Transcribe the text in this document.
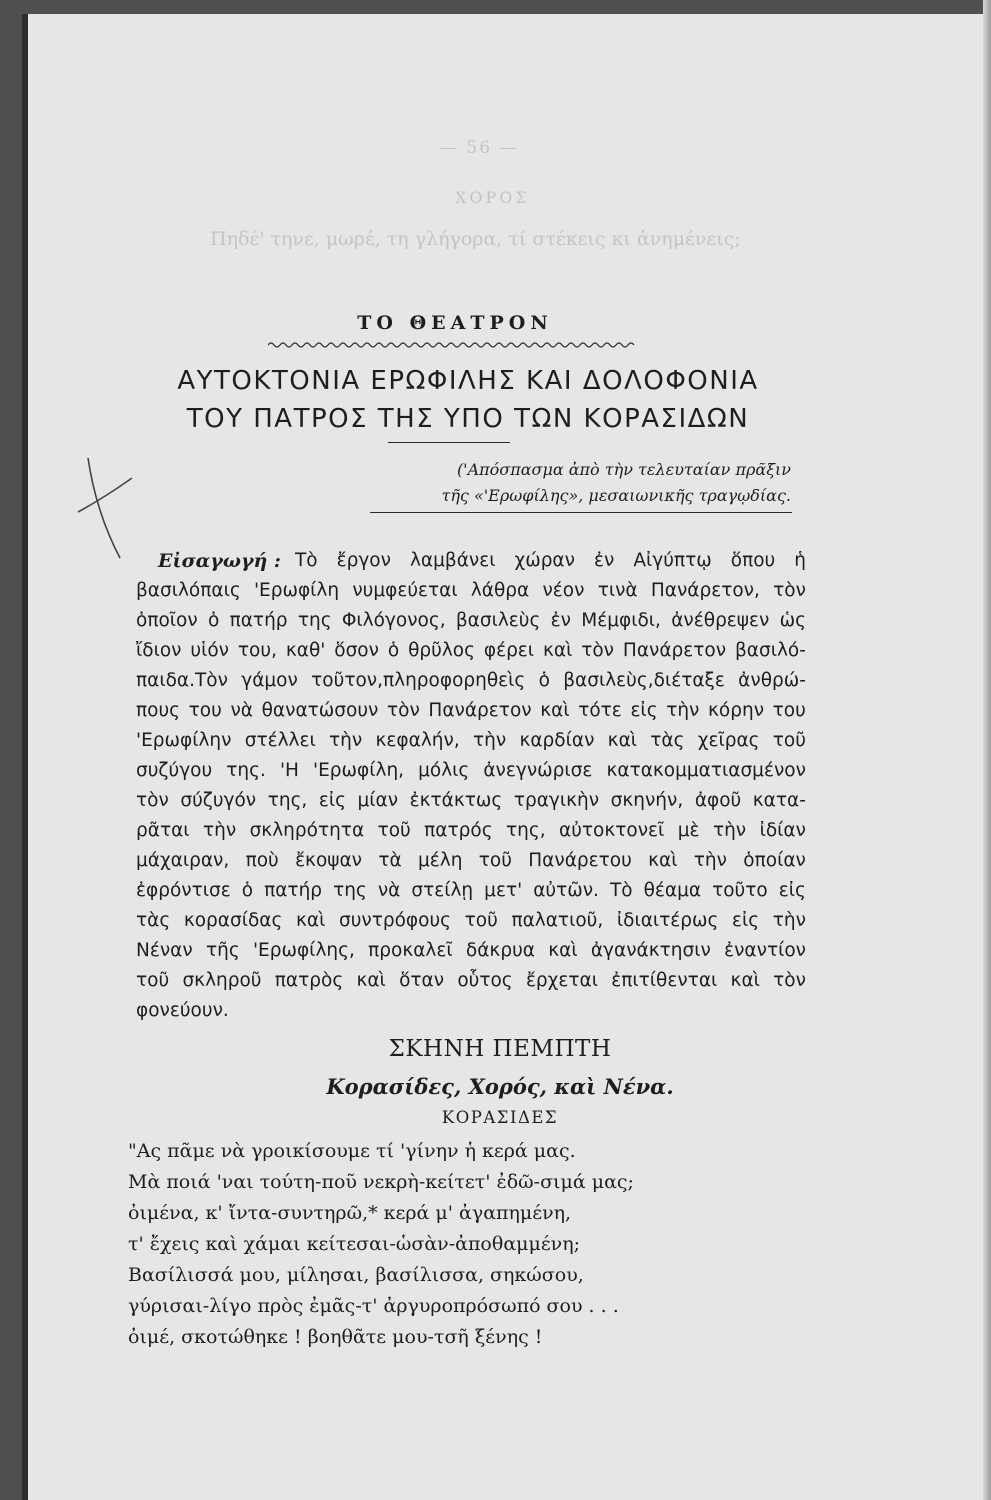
— 56 —
ΧΟΡΟΣ
Πηδέ' τηνε, μωρέ, τη γλήγορα, τί στέκεις κι ἀνημένεις;
ΤΟ ΘΕΑΤΡΟΝ
ΑΥΤΟΚΤΟΝΙΑ ΕΡΩΦΙΛΗΣ ΚΑΙ ΔΟΛΟΦΟΝΙΑ
ΤΟΥ ΠΑΤΡΟΣ ΤΗΣ ΥΠΟ ΤΩΝ ΚΟΡΑΣΙΔΩΝ
('Απόσπασμα ἀπὸ τὴν τελευταίαν πρᾶξιν
τῆς «'Ερωφίλης», μεσαιωνικῆς τραγῳδίας.
Εἰσαγωγή : Τὸ ἔργον λαμβάνει χώραν ἐν Αἰγύπτῳ ὅπου ἡ
βασιλόπαις 'Ερωφίλη νυμφεύεται λάθρα νέον τινὰ Πανάρετον, τὸν
ὁποῖον ὁ πατήρ της Φιλόγονος, βασιλεὺς ἐν Μέμφιδι, ἀνέθρεψεν ὡς
ἴδιον υἱόν του, καθ' ὅσον ὁ θρῦλος φέρει καὶ τὸν Πανάρετον βασιλό-
παιδα.Τὸν γάμον τοῦτον,πληροφορηθεὶς ὁ βασιλεὺς,διέταξε ἀνθρώ-
πους του νὰ θανατώσουν τὸν Πανάρετον καὶ τότε εἰς τὴν κόρην του
'Ερωφίλην στέλλει τὴν κεφαλήν, τὴν καρδίαν καὶ τὰς χεῖρας τοῦ
συζύγου της. 'Η 'Ερωφίλη, μόλις ἀνεγνώρισε κατακομματιασμένον
τὸν σύζυγόν της, εἰς μίαν ἐκτάκτως τραγικὴν σκηνήν, ἀφοῦ κατα-
ρᾶται τὴν σκληρότητα τοῦ πατρός της, αὐτοκτονεῖ μὲ τὴν ἰδίαν
μάχαιραν, ποὺ ἔκοψαν τὰ μέλη τοῦ Πανάρετου καὶ τὴν ὁποίαν
ἐφρόντισε ὁ πατήρ της νὰ στείλῃ μετ' αὐτῶν. Τὸ θέαμα τοῦτο εἰς
τὰς κορασίδας καὶ συντρόφους τοῦ παλατιοῦ, ἰδιαιτέρως εἰς τὴν
Νέναν τῆς 'Ερωφίλης, προκαλεῖ δάκρυα καὶ ἀγανάκτησιν ἐναντίον
τοῦ σκληροῦ πατρὸς καὶ ὅταν οὗτος ἔρχεται ἐπιτίθενται καὶ τὸν
φονεύουν.
ΣΚΗΝΗ ΠΕΜΠΤΗ
Κορασίδες, Χορός, καὶ Νένα.
ΚΟΡΑΣΙΔΕΣ
"Ας πᾶμε νὰ γροικίσουμε τί 'γίνην ἡ κερά μας.
Μὰ ποιά 'ναι τούτη-ποῦ νεκρὴ-κείτετ' ἐδῶ-σιμά μας;
ὀιμένα, κ' ἴντα-συντηρῶ,* κερά μ' ἀγαπημένη,
τ' ἔχεις καὶ χάμαι κείτεσαι-ὡσὰν-ἀποθαμμένη;
Βασίλισσά μου, μίλησαι, βασίλισσα, σηκώσου,
γύρισαι-λίγο πρὸς ἐμᾶς-τ' ἀργυροπρόσωπό σου . . .
ὀιμέ, σκοτώθηκε ! βοηθᾶτε μου-τσῆ ξένης !
